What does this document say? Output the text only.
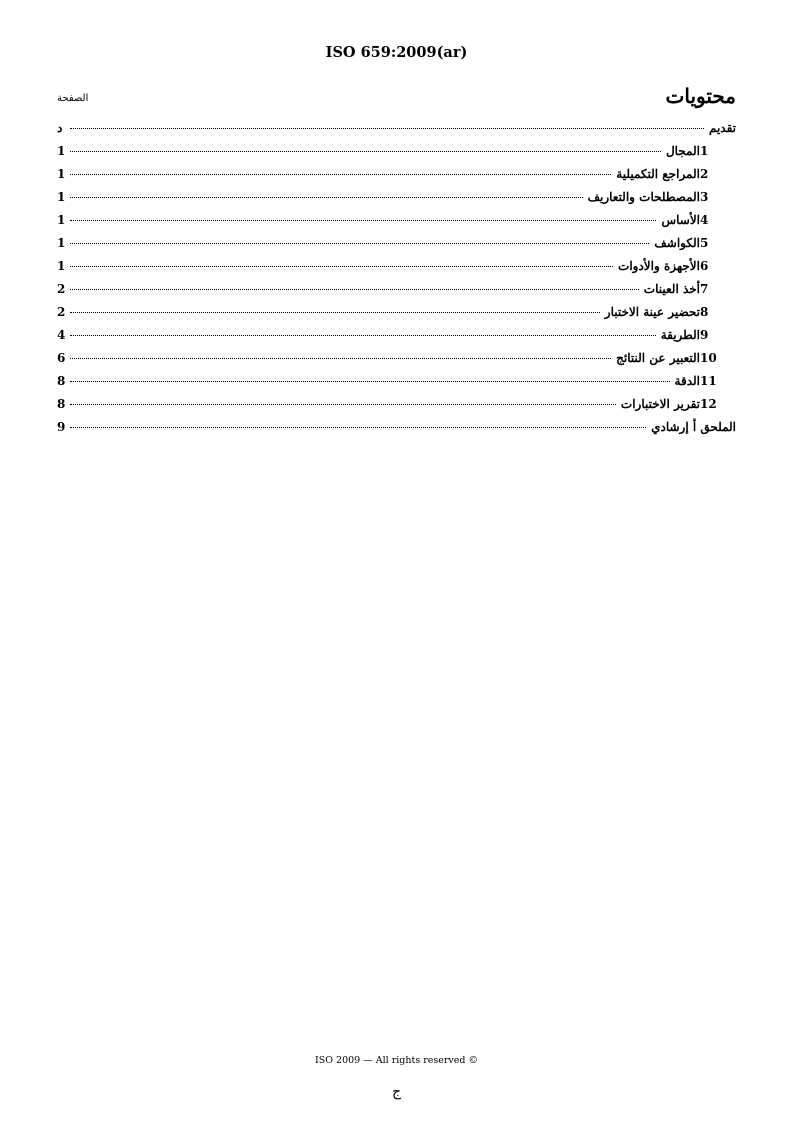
ISO 659:2009(ar)
محتويات
الصفحة
تقديم
د
1
المجال
1
2
المراجع التكميلية
1
3
المصطلحات والتعاريف
1
4
الأساس
1
5
الكواشف
1
6
الأجهزة والأدوات
1
7
أخذ العينات
2
8
تحضير عينة الاختبار
2
9
الطريقة
4
10
التعبير عن النتائج
6
11
الدقة
8
12
تقرير الاختبارات
8
الملحق أ إرشادي
9
ISO 2009 — All rights reserved ©
ج
